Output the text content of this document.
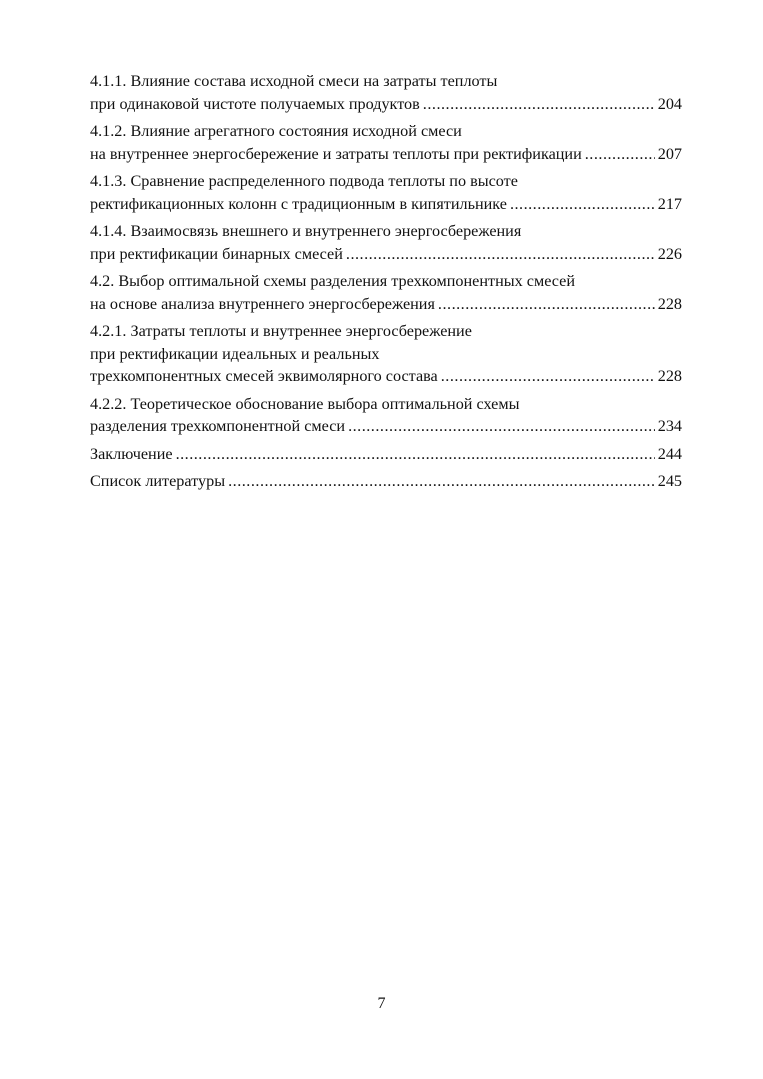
4.1.1. Влияние состава исходной смеси на затраты теплоты
при одинаковой чистоте получаемых продуктов .....	204
4.1.2. Влияние агрегатного состояния исходной смеси
на внутреннее энергосбережение и затраты теплоты при ректификации .....	207
4.1.3. Сравнение распределенного подвода теплоты по высоте
ректификационных колонн с традиционным в кипятильнике .....	217
4.1.4. Взаимосвязь внешнего и внутреннего энергосбережения
при ректификации бинарных смесей .....	226
4.2. Выбор оптимальной схемы разделения трехкомпонентных смесей
на основе анализа внутреннего энергосбережения .....	228
4.2.1. Затраты теплоты и внутреннее энергосбережение
при ректификации идеальных и реальных
трехкомпонентных смесей эквимолярного состава .....	228
4.2.2. Теоретическое обоснование выбора оптимальной схемы
разделения трехкомпонентной смеси .....	234
Заключение .....	244
Список литературы .....	245
7
